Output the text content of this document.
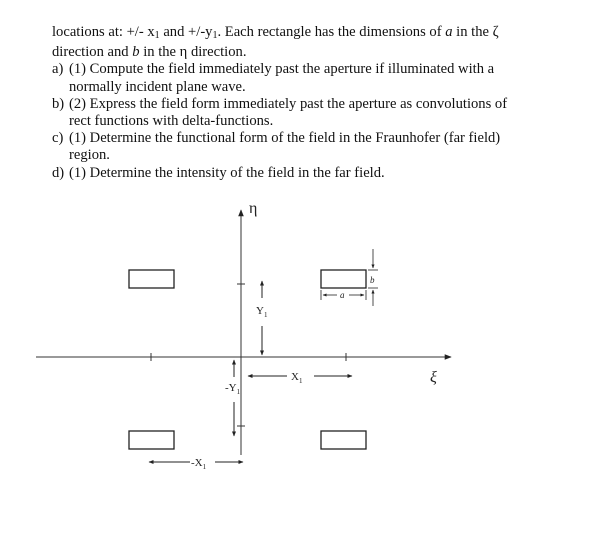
locations at: +/- $x_1$ and $+/-y_1$. Each rectangle has the dimensions of a in the ζ
direction and b in the η direction.
a) (1) Compute the field immediately past the aperture if illuminated with a
normally incident plane wave.
b) (2) Express the field form immediately past the aperture as convolutions of
rect functions with delta-functions.
c) (1) Determine the functional form of the field in the Fraunhofer (far field)
region.
d) (1) Determine the intensity of the field in the far field.
η
ξ
$Y_1$
$-Y_1$
$X_1$
$-X_1$
a
b
